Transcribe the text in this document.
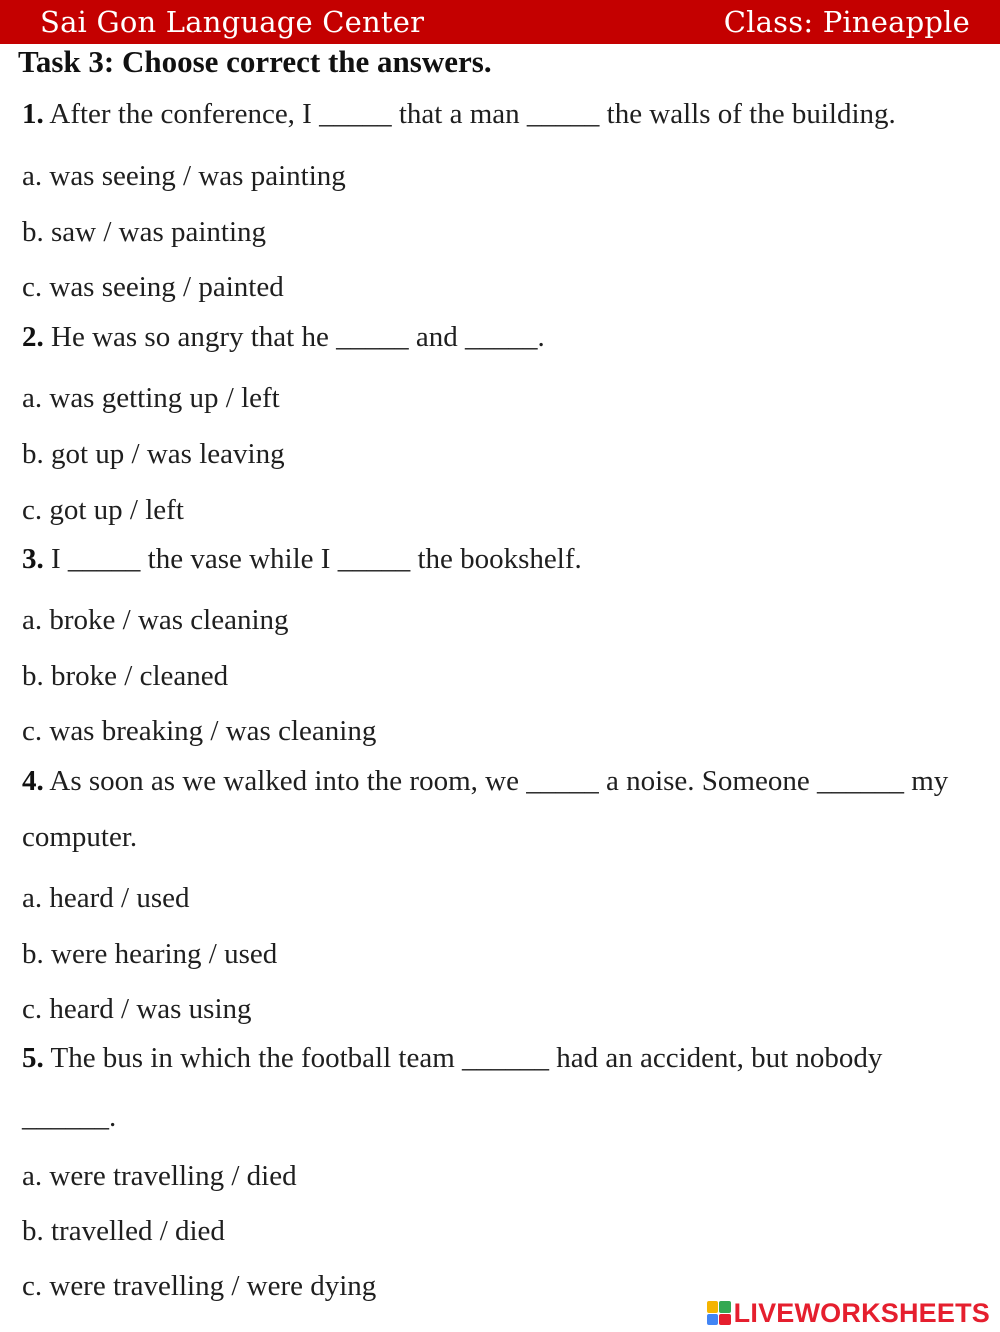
Sai Gon Language Center	Class: Pineapple
Task 3: Choose correct the answers.
1. After the conference, I _____ that a man _____ the walls of the building.
a. was seeing / was painting
b. saw / was painting
c. was seeing / painted
2. He was so angry that he _____ and _____.
a. was getting up / left
b. got up / was leaving
c. got up / left
3. I _____ the vase while I _____ the bookshelf.
a. broke / was cleaning
b. broke / cleaned
c. was breaking / was cleaning
4. As soon as we walked into the room, we _____ a noise. Someone ______ my
computer.
a. heard / used
b. were hearing / used
c. heard / was using
5. The bus in which the football team ______ had an accident, but nobody
______.
a. were travelling / died
b. travelled / died
c. were travelling / were dying
LIVEWORKSHEETS
